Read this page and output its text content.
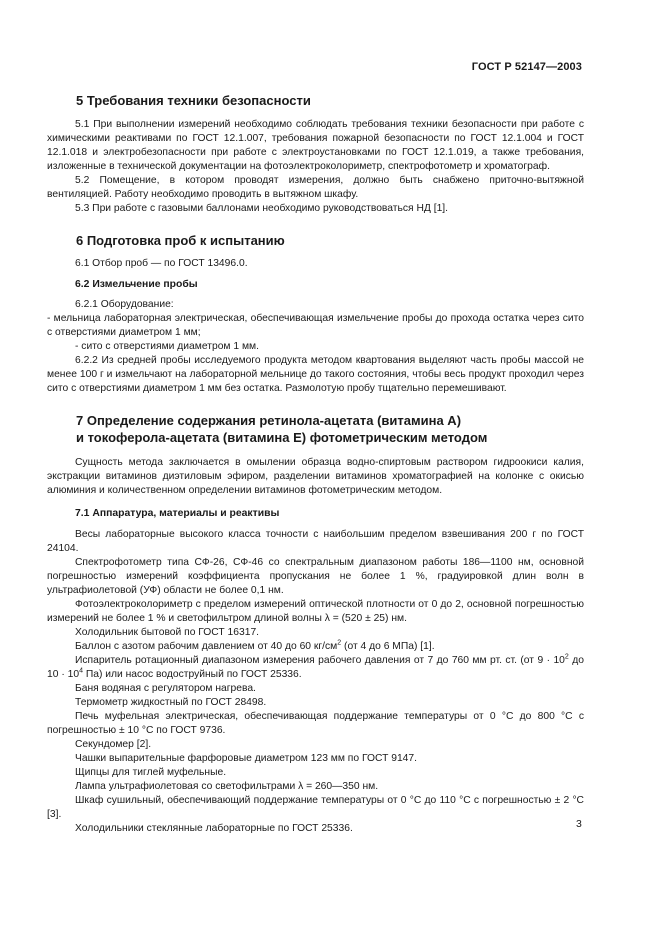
ГОСТ Р 52147—2003

5 Требования техники безопасности

5.1 При выполнении измерений необходимо соблюдать требования техники безопасности при работе с химическими реактивами по ГОСТ 12.1.007, требования пожарной безопасности по ГОСТ 12.1.004 и ГОСТ 12.1.018 и электробезопасности при работе с электроустановками по ГОСТ 12.1.019, а также требования, изложенные в технической документации на фотоэлектроколориметр, спектрофотометр и хроматограф.

5.2 Помещение, в котором проводят измерения, должно быть снабжено приточно-вытяжной вентиляцией. Работу необходимо проводить в вытяжном шкафу.

5.3 При работе с газовыми баллонами необходимо руководствоваться НД [1].

6 Подготовка проб к испытанию

6.1 Отбор проб — по ГОСТ 13496.0.

6.2 Измельчение пробы

6.2.1 Оборудование:

- мельница лабораторная электрическая, обеспечивающая измельчение пробы до прохода остатка через сито с отверстиями диаметром 1 мм;

- сито с отверстиями диаметром 1 мм.

6.2.2 Из средней пробы исследуемого продукта методом квартования выделяют часть пробы массой не менее 100 г и измельчают на лабораторной мельнице до такого состояния, чтобы весь продукт проходил через сито с отверстиями диаметром 1 мм без остатка. Размолотую пробу тщательно перемешивают.

7 Определение содержания ретинола-ацетата (витамина А)

и токоферола-ацетата (витамина Е) фотометрическим методом

Сущность метода заключается в омылении образца водно-спиртовым раствором гидроокиси калия, экстракции витаминов диэтиловым эфиром, разделении витаминов хроматографией на колонке с окисью алюминия и количественном определении витаминов фотометрическим методом.

7.1 Аппаратура, материалы и реактивы

Весы лабораторные высокого класса точности с наибольшим пределом взвешивания 200 г по ГОСТ 24104.

Спектрофотометр типа СФ-26, СФ-46 со спектральным диапазоном работы 186—1100 нм, основной погрешностью измерений коэффициента пропускания не более 1 %, градуировкой длин волн в ультрафиолетовой (УФ) области не более 0,1 нм.

Фотоэлектроколориметр с пределом измерений оптической плотности от 0 до 2, основной погрешностью измерений не более 1 % и светофильтром длиной волны λ = (520 ± 25) нм.

Холодильник бытовой по ГОСТ 16317.

Баллон с азотом рабочим давлением от 40 до 60 $кг/см^2$ (от 4 до 6 МПа) [1].

Испаритель ротационный диапазоном измерения рабочего давления от 7 до 760 мм рт. ст. (от $9 \cdot 10^2$ до $10 \cdot 10^4$ Па) или насос водоструйный по ГОСТ 25336.

Баня водяная с регулятором нагрева.

Термометр жидкостный по ГОСТ 28498.

Печь муфельная электрическая, обеспечивающая поддержание температуры от 0 °С до 800 °С с погрешностью ± 10 °С по ГОСТ 9736.

Секундомер [2].

Чашки выпарительные фарфоровые диаметром 123 мм по ГОСТ 9147.

Щипцы для тиглей муфельные.

Лампа ультрафиолетовая со светофильтрами λ = 260—350 нм.

Шкаф сушильный, обеспечивающий поддержание температуры от 0 °С до 110 °С с погрешностью ± 2 °С [3].

Холодильники стеклянные лабораторные по ГОСТ 25336.	3
